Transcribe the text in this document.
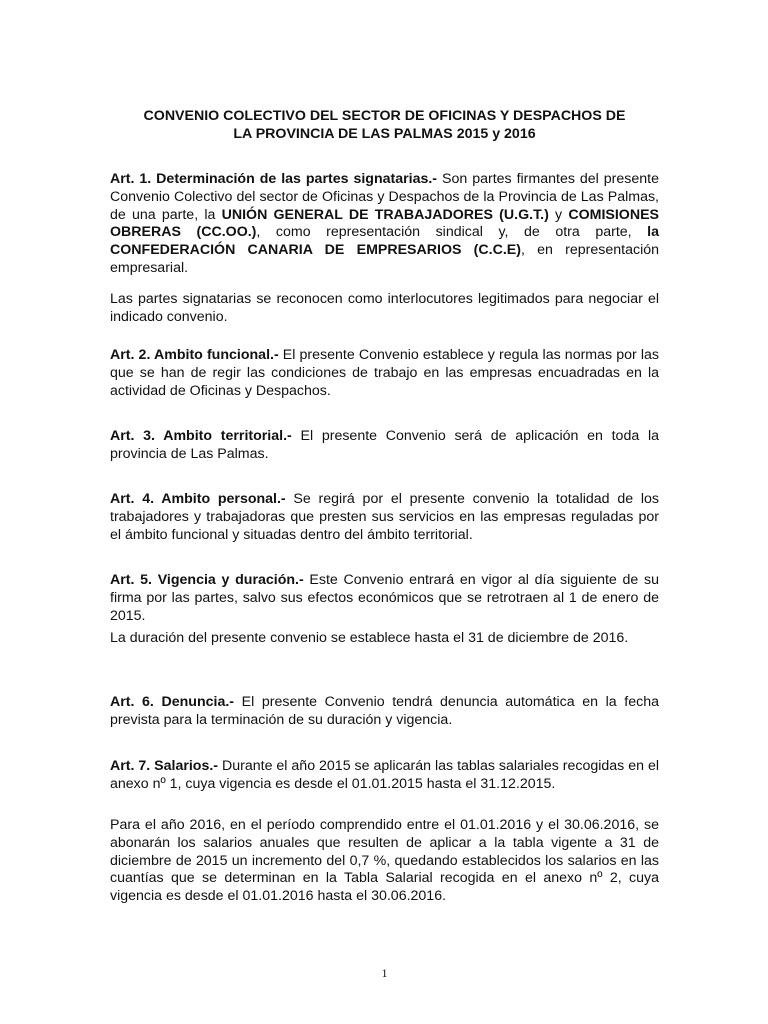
CONVENIO COLECTIVO DEL SECTOR DE OFICINAS Y DESPACHOS DE
LA PROVINCIA DE LAS PALMAS 2015 y 2016

Art. 1. Determinación de las partes signatarias.- Son partes firmantes del presente Convenio Colectivo del sector de Oficinas y Despachos de la Provincia de Las Palmas, de una parte, la UNIÓN GENERAL DE TRABAJADORES (U.G.T.) y COMISIONES OBRERAS (CC.OO.), como representación sindical y, de otra parte, la CONFEDERACIÓN CANARIA DE EMPRESARIOS (C.C.E), en representación empresarial.

Las partes signatarias se reconocen como interlocutores legitimados para negociar el indicado convenio.

Art. 2. Ambito funcional.- El presente Convenio establece y regula las normas por las que se han de regir las condiciones de trabajo en las empresas encuadradas en la actividad de Oficinas y Despachos.

Art. 3. Ambito territorial.- El presente Convenio será de aplicación en toda la provincia de Las Palmas.

Art. 4. Ambito personal.- Se regirá por el presente convenio la totalidad de los trabajadores y trabajadoras que presten sus servicios en las empresas reguladas por el ámbito funcional y situadas dentro del ámbito territorial.

Art. 5. Vigencia y duración.- Este Convenio entrará en vigor al día siguiente de su firma por las partes, salvo sus efectos económicos que se retrotraen al 1 de enero de 2015.

La duración del presente convenio se establece hasta el 31 de diciembre de 2016.

Art. 6. Denuncia.- El presente Convenio tendrá denuncia automática en la fecha prevista para la terminación de su duración y vigencia.

Art. 7. Salarios.- Durante el año 2015 se aplicarán las tablas salariales recogidas en el anexo nº 1, cuya vigencia es desde el 01.01.2015 hasta el 31.12.2015.

Para el año 2016, en el período comprendido entre el 01.01.2016 y el 30.06.2016, se abonarán los salarios anuales que resulten de aplicar a la tabla vigente a 31 de diciembre de 2015 un incremento del 0,7 %, quedando establecidos los salarios en las cuantías que se determinan en la Tabla Salarial recogida en el anexo nº 2, cuya vigencia es desde el 01.01.2016 hasta el 30.06.2016.

1
